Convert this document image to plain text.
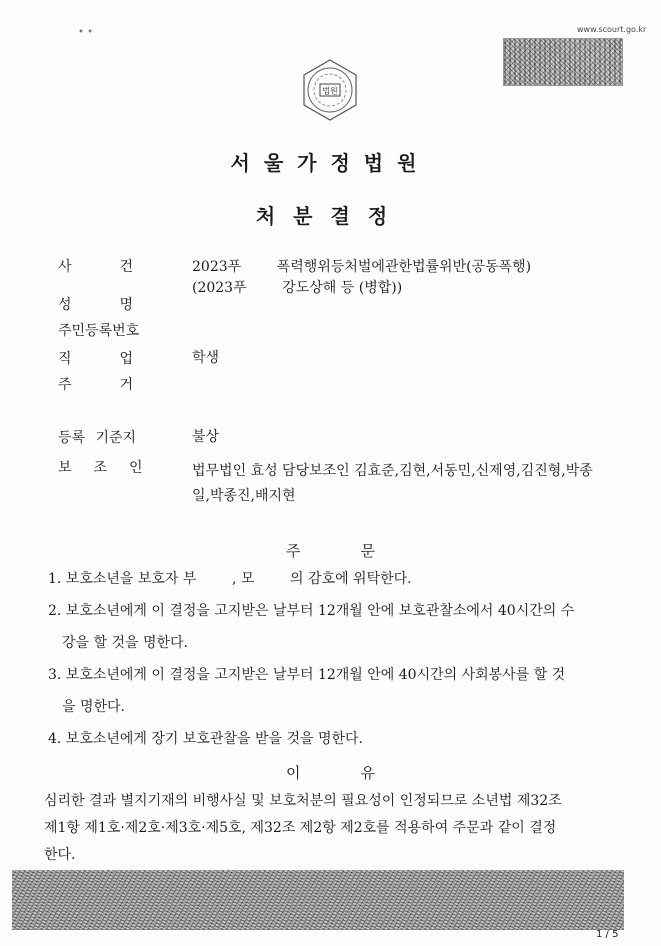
• •	www.scourt.go.kr
법원
서울가정법원
처분결정
사건 2023푸        폭력행위등처벌에관한법률위반(공동폭행)
(2023푸        강도상해 등 (병합))
성명
주민등록번호
직업 학생
주거
등록 기준지	불상
보조인 법무법인 효성 담당보조인 김효준,김현,서동민,신제영,김진형,박종
일,박종진,배지현
주문
1. 보호소년을 보호자 부        , 모        의 감호에 위탁한다.
2. 보호소년에게 이 결정을 고지받은 날부터 12개월 안에 보호관찰소에서 40시간의 수
강을 할 것을 명한다.
3. 보호소년에게 이 결정을 고지받은 날부터 12개월 안에 40시간의 사회봉사를 할 것
을 명한다.
4. 보호소년에게 장기 보호관찰을 받을 것을 명한다.
이유
심리한 결과 별지기재의 비행사실 및 보호처분의 필요성이 인정되므로 소년법 제32조
제1항 제1호·제2호·제3호·제5호, 제32조 제2항 제2호를 적용하여 주문과 같이 결정
한다.
1 / 5
